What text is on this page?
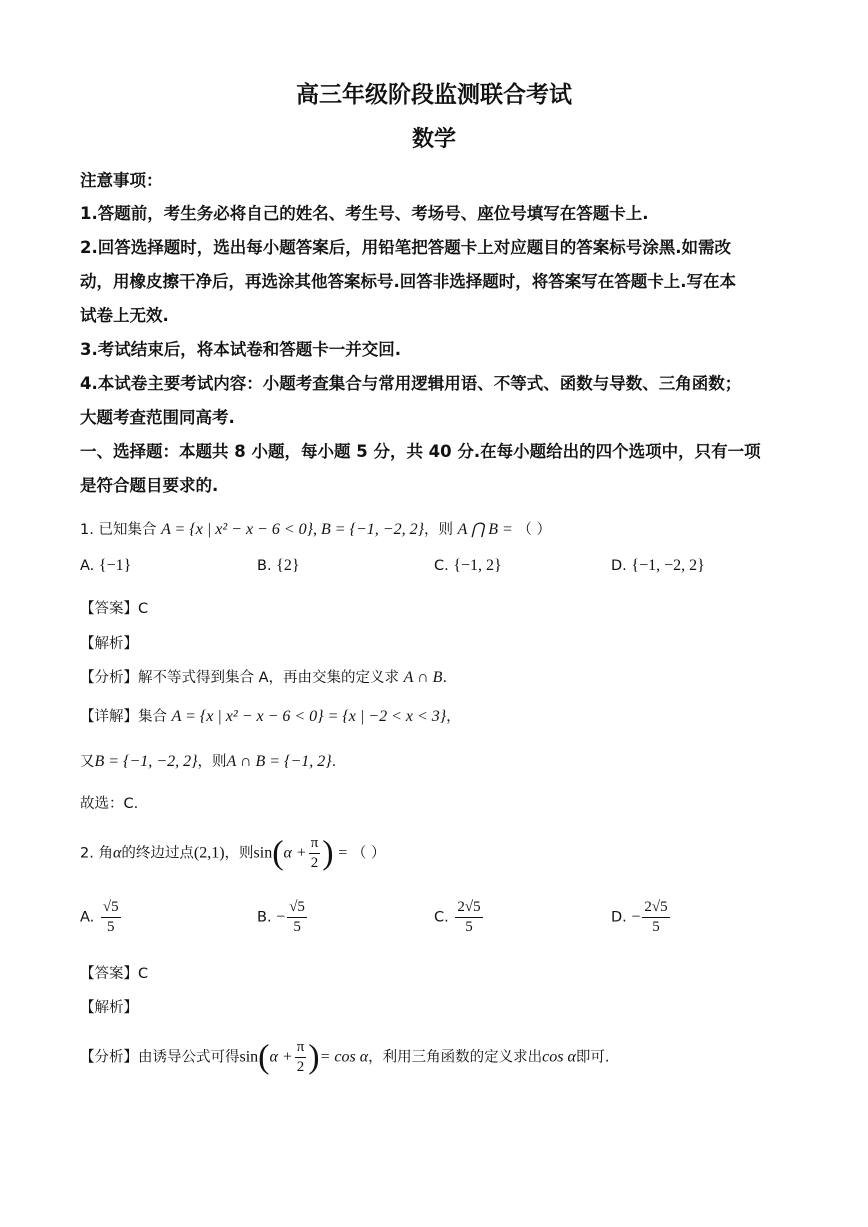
高三年级阶段监测联合考试
数学
注意事项：
1.答题前，考生务必将自己的姓名、考生号、考场号、座位号填写在答题卡上.
2.回答选择题时，选出每小题答案后，用铅笔把答题卡上对应题目的答案标号涂黑.如需改
动，用橡皮擦干净后，再选涂其他答案标号.回答非选择题时，将答案写在答题卡上.写在本
试卷上无效.
3.考试结束后，将本试卷和答题卡一并交回.
4.本试卷主要考试内容：小题考查集合与常用逻辑用语、不等式、函数与导数、三角函数；
大题考查范围同高考.
一、选择题：本题共 8 小题，每小题 5 分，共 40 分.在每小题给出的四个选项中，只有一项
是符合题目要求的.
1. 已知集合 A = {x | x² − x − 6 < 0}, B = {−1, −2, 2}，则 A ⋂ B = （ ）
A. {−1}	B. {2}	C. {−1, 2}	D. {−1, −2, 2}
【答案】C
【解析】
【分析】解不等式得到集合 A，再由交集的定义求 A ∩ B.
【详解】集合 A = {x | x² − x − 6 < 0} = {x | −2 < x < 3}，
又B = {−1, −2, 2}，则A ∩ B = {−1, 2}.
故选：C.
2. 角α的终边过点(2,1)，则$\sin(\alpha + \frac{\pi}{2}$ ) = （ ）
A. $\frac{√5}{5}$	B. − $\frac{√5}{5}$	C. $\frac{2√5}{5}$	D. − $\frac{2√5}{5}$
【答案】C
【解析】
【分析】由诱导公式可得$\sin(\alpha + \frac{\pi}{2}$ )= cos α，利用三角函数的定义求出cos α即可.
